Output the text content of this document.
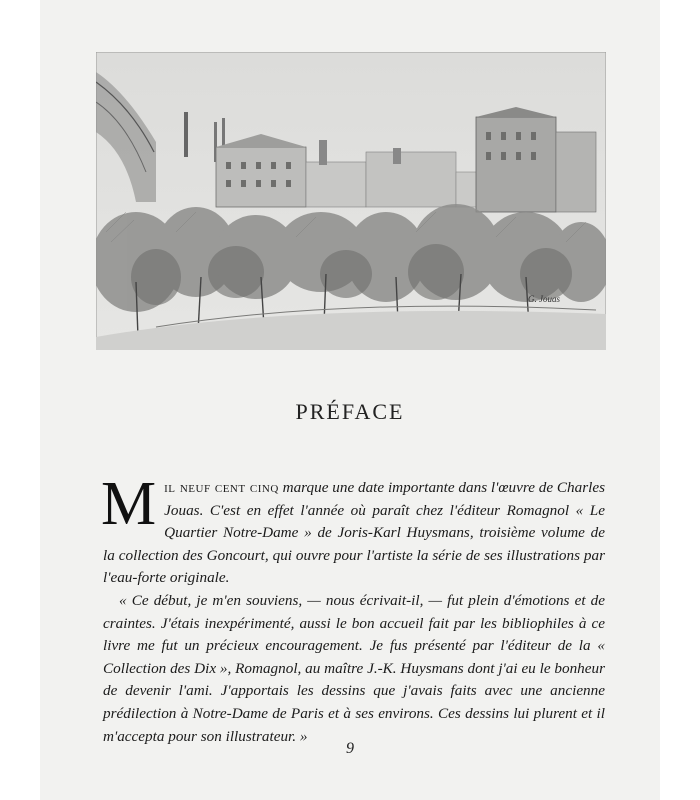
G. Jouas
PRÉFACE

Mil neuf cent cinq marque une date importante dans l'œuvre de Charles Jouas. C'est en effet l'année où paraît chez l'éditeur Romagnol « Le Quartier Notre-Dame » de Joris-Karl Huysmans, troisième volume de la collection des Goncourt, qui ouvre pour l'artiste la série de ses illustrations par l'eau-forte originale.

« Ce début, je m'en souviens, — nous écrivait-il, — fut plein d'émotions et de craintes. J'étais inexpérimenté, aussi le bon accueil fait par les bibliophiles à ce livre me fut un précieux encouragement. Je fus présenté par l'éditeur de la « Collection des Dix », Romagnol, au maître J.-K. Huysmans dont j'ai eu le bonheur de devenir l'ami. J'apportais les dessins que j'avais faits avec une ancienne prédilection à Notre-Dame de Paris et à ses environs. Ces dessins lui plurent et il m'accepta pour son illustrateur. »

9
